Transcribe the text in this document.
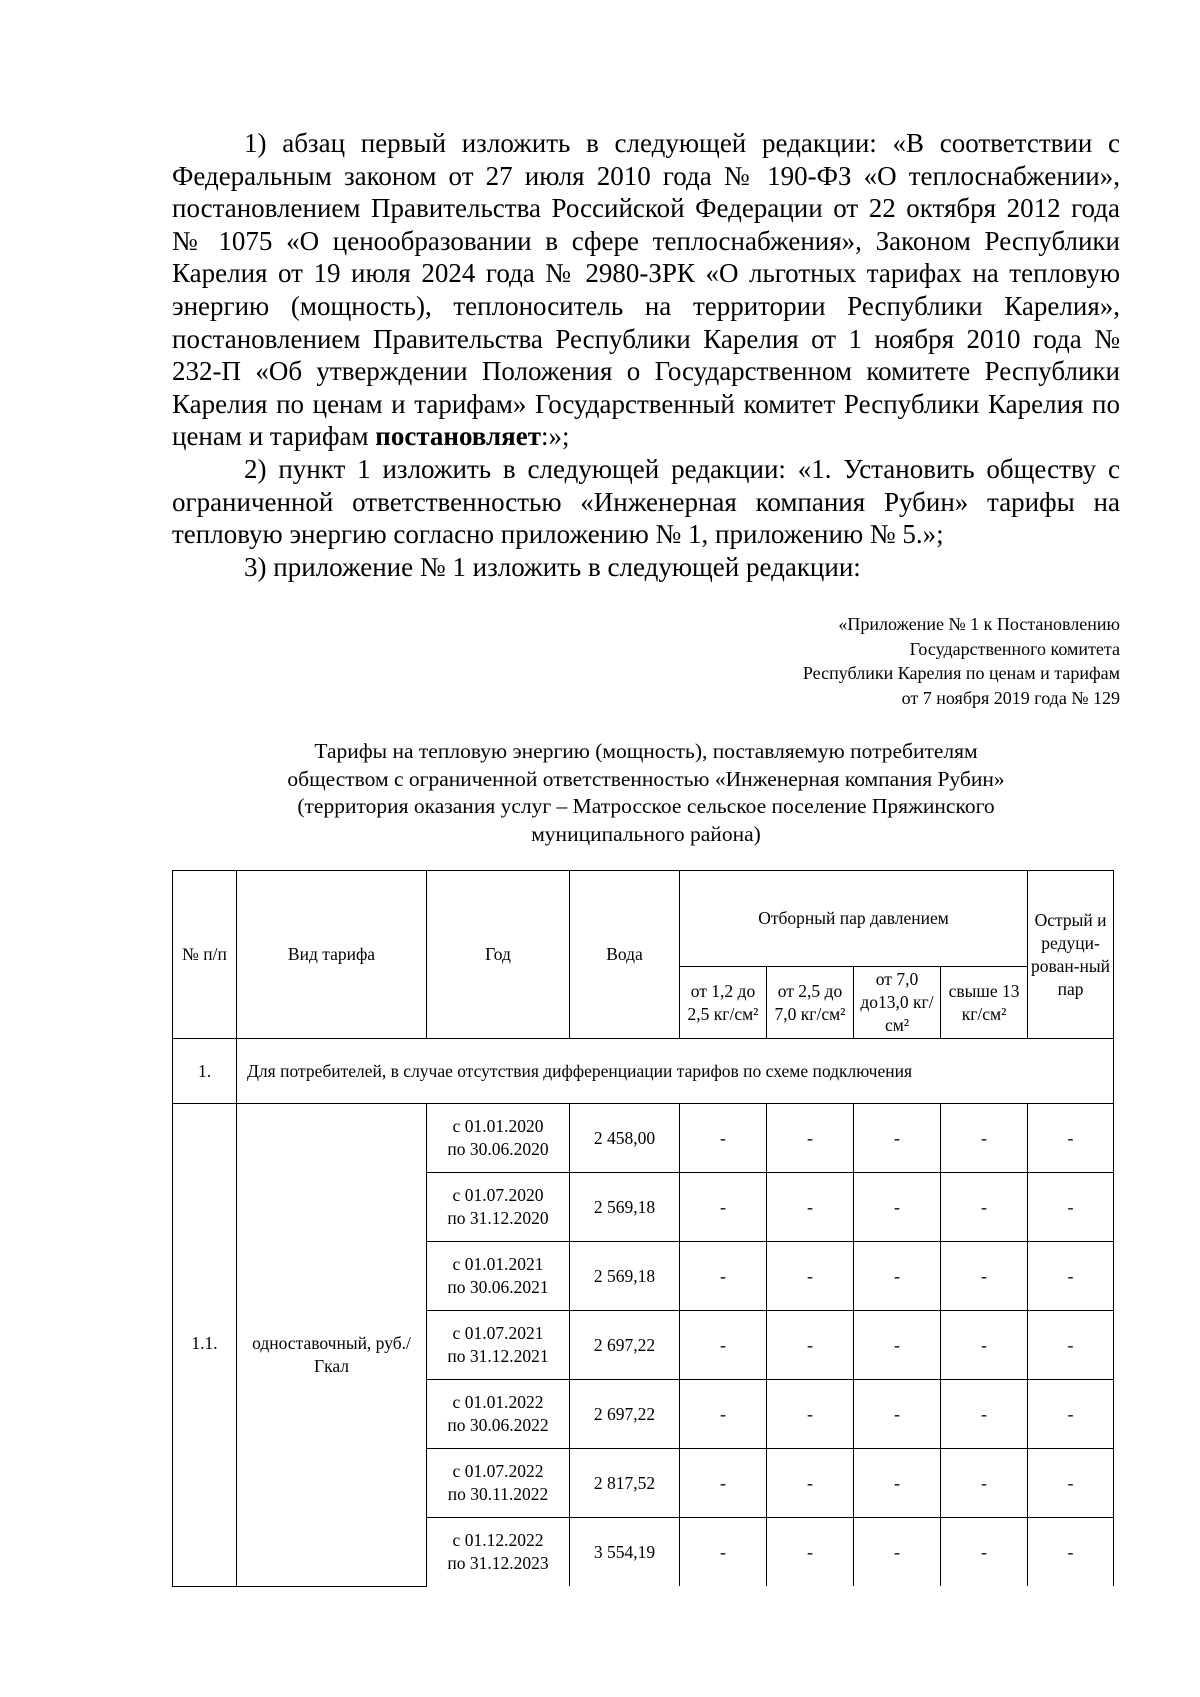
1) абзац первый изложить в следующей редакции: «В соответствии с Федеральным законом от 27 июля 2010 года № 190-ФЗ «О теплоснабжении», постановлением Правительства Российской Федерации от 22 октября 2012 года № 1075 «О ценообразовании в сфере теплоснабжения», Законом Республики Карелия от 19 июля 2024 года № 2980-ЗРК «О льготных тарифах на тепловую энергию (мощность), теплоноситель на территории Республики Карелия», постановлением Правительства Республики Карелия от 1 ноября 2010 года № 232-П «Об утверждении Положения о Государственном комитете Республики Карелия по ценам и тарифам» Государственный комитет Республики Карелия по ценам и тарифам постановляет:»;

2) пункт 1 изложить в следующей редакции: «1. Установить обществу с ограниченной ответственностью «Инженерная компания Рубин» тарифы на тепловую энергию согласно приложению № 1, приложению № 5.»;

3) приложение № 1 изложить в следующей редакции:

«Приложение № 1 к Постановлению
Государственного комитета
Республики Карелия по ценам и тарифам
от 7 ноября 2019 года № 129
Тарифы на тепловую энергию (мощность), поставляемую потребителям
обществом с ограниченной ответственностью «Инженерная компания Рубин»
(территория оказания услуг – Матросское сельское поселение Пряжинского
муниципального района)
№ п/п	Вид тарифа	Год	Вода	Отборный пар давлением				Острый и редуци-рован-ный пар
				от 1,2 до 2,5 кг/см²	от 2,5 до 7,0 кг/см²	от 7,0 до13,0 кг/см²	свыше 13 кг/см²	
1.	Для потребителей, в случае отсутствия дифференциации тарифов по схеме подключения							

1.1.	одноставочный, руб./Гкал	с 01.01.2020
по 30.06.2020	2 458,00	-	-	-	-	-

		с 01.07.2020
по 31.12.2020	2 569,18	-	-	-	-	-

		с 01.01.2021
по 30.06.2021	2 569,18	-	-	-	-	-

		с 01.07.2021
по 31.12.2021	2 697,22	-	-	-	-	-

		с 01.01.2022
по 30.06.2022	2 697,22	-	-	-	-	-

		с 01.07.2022
по 30.11.2022	2 817,52	-	-	-	-	-

		с 01.12.2022
по 31.12.2023	3 554,19	-	-	-	-	-
